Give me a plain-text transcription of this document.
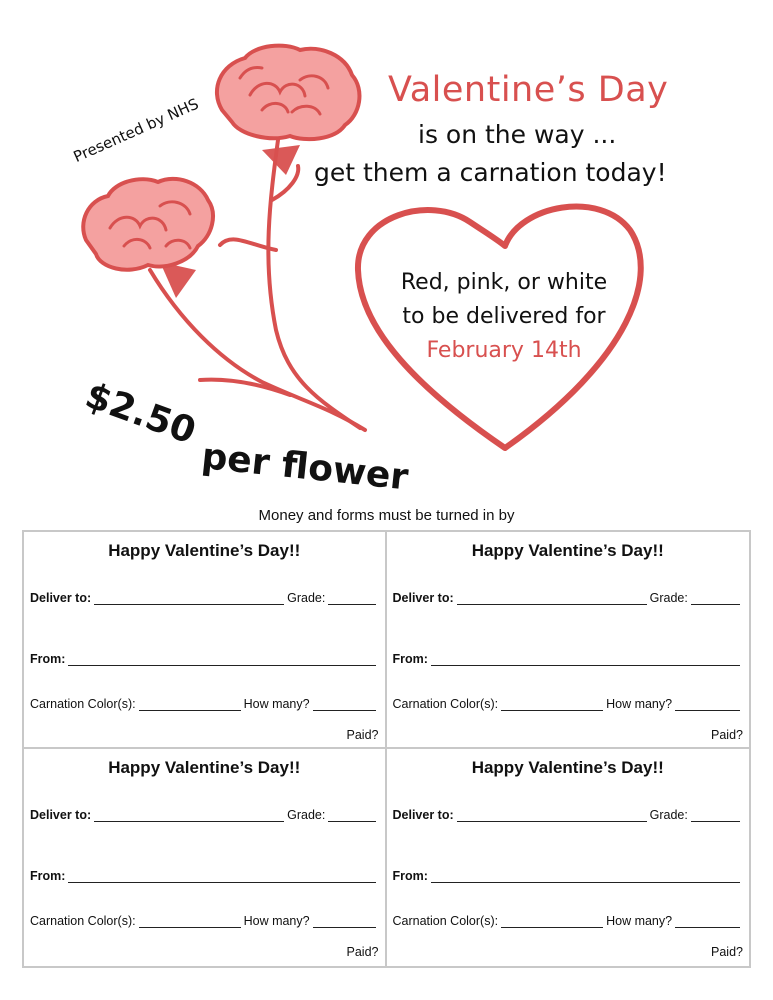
Presented by NHS
Valentine’s Day
is on the way ...
get them a carnation today!
Red, pink, or white
to be delivered for
February 14th
$2.50
per flower
Money and forms must be turned in by
Happy Valentine’s Day!!
Deliver to:	Grade:
From:
Carnation Color(s):	How many?
Paid?
Happy Valentine’s Day!!
Deliver to:	Grade:
From:
Carnation Color(s):	How many?
Paid?
Happy Valentine’s Day!!
Deliver to:	Grade:
From:
Carnation Color(s):	How many?
Paid?
Happy Valentine’s Day!!
Deliver to:	Grade:
From:
Carnation Color(s):	How many?
Paid?
